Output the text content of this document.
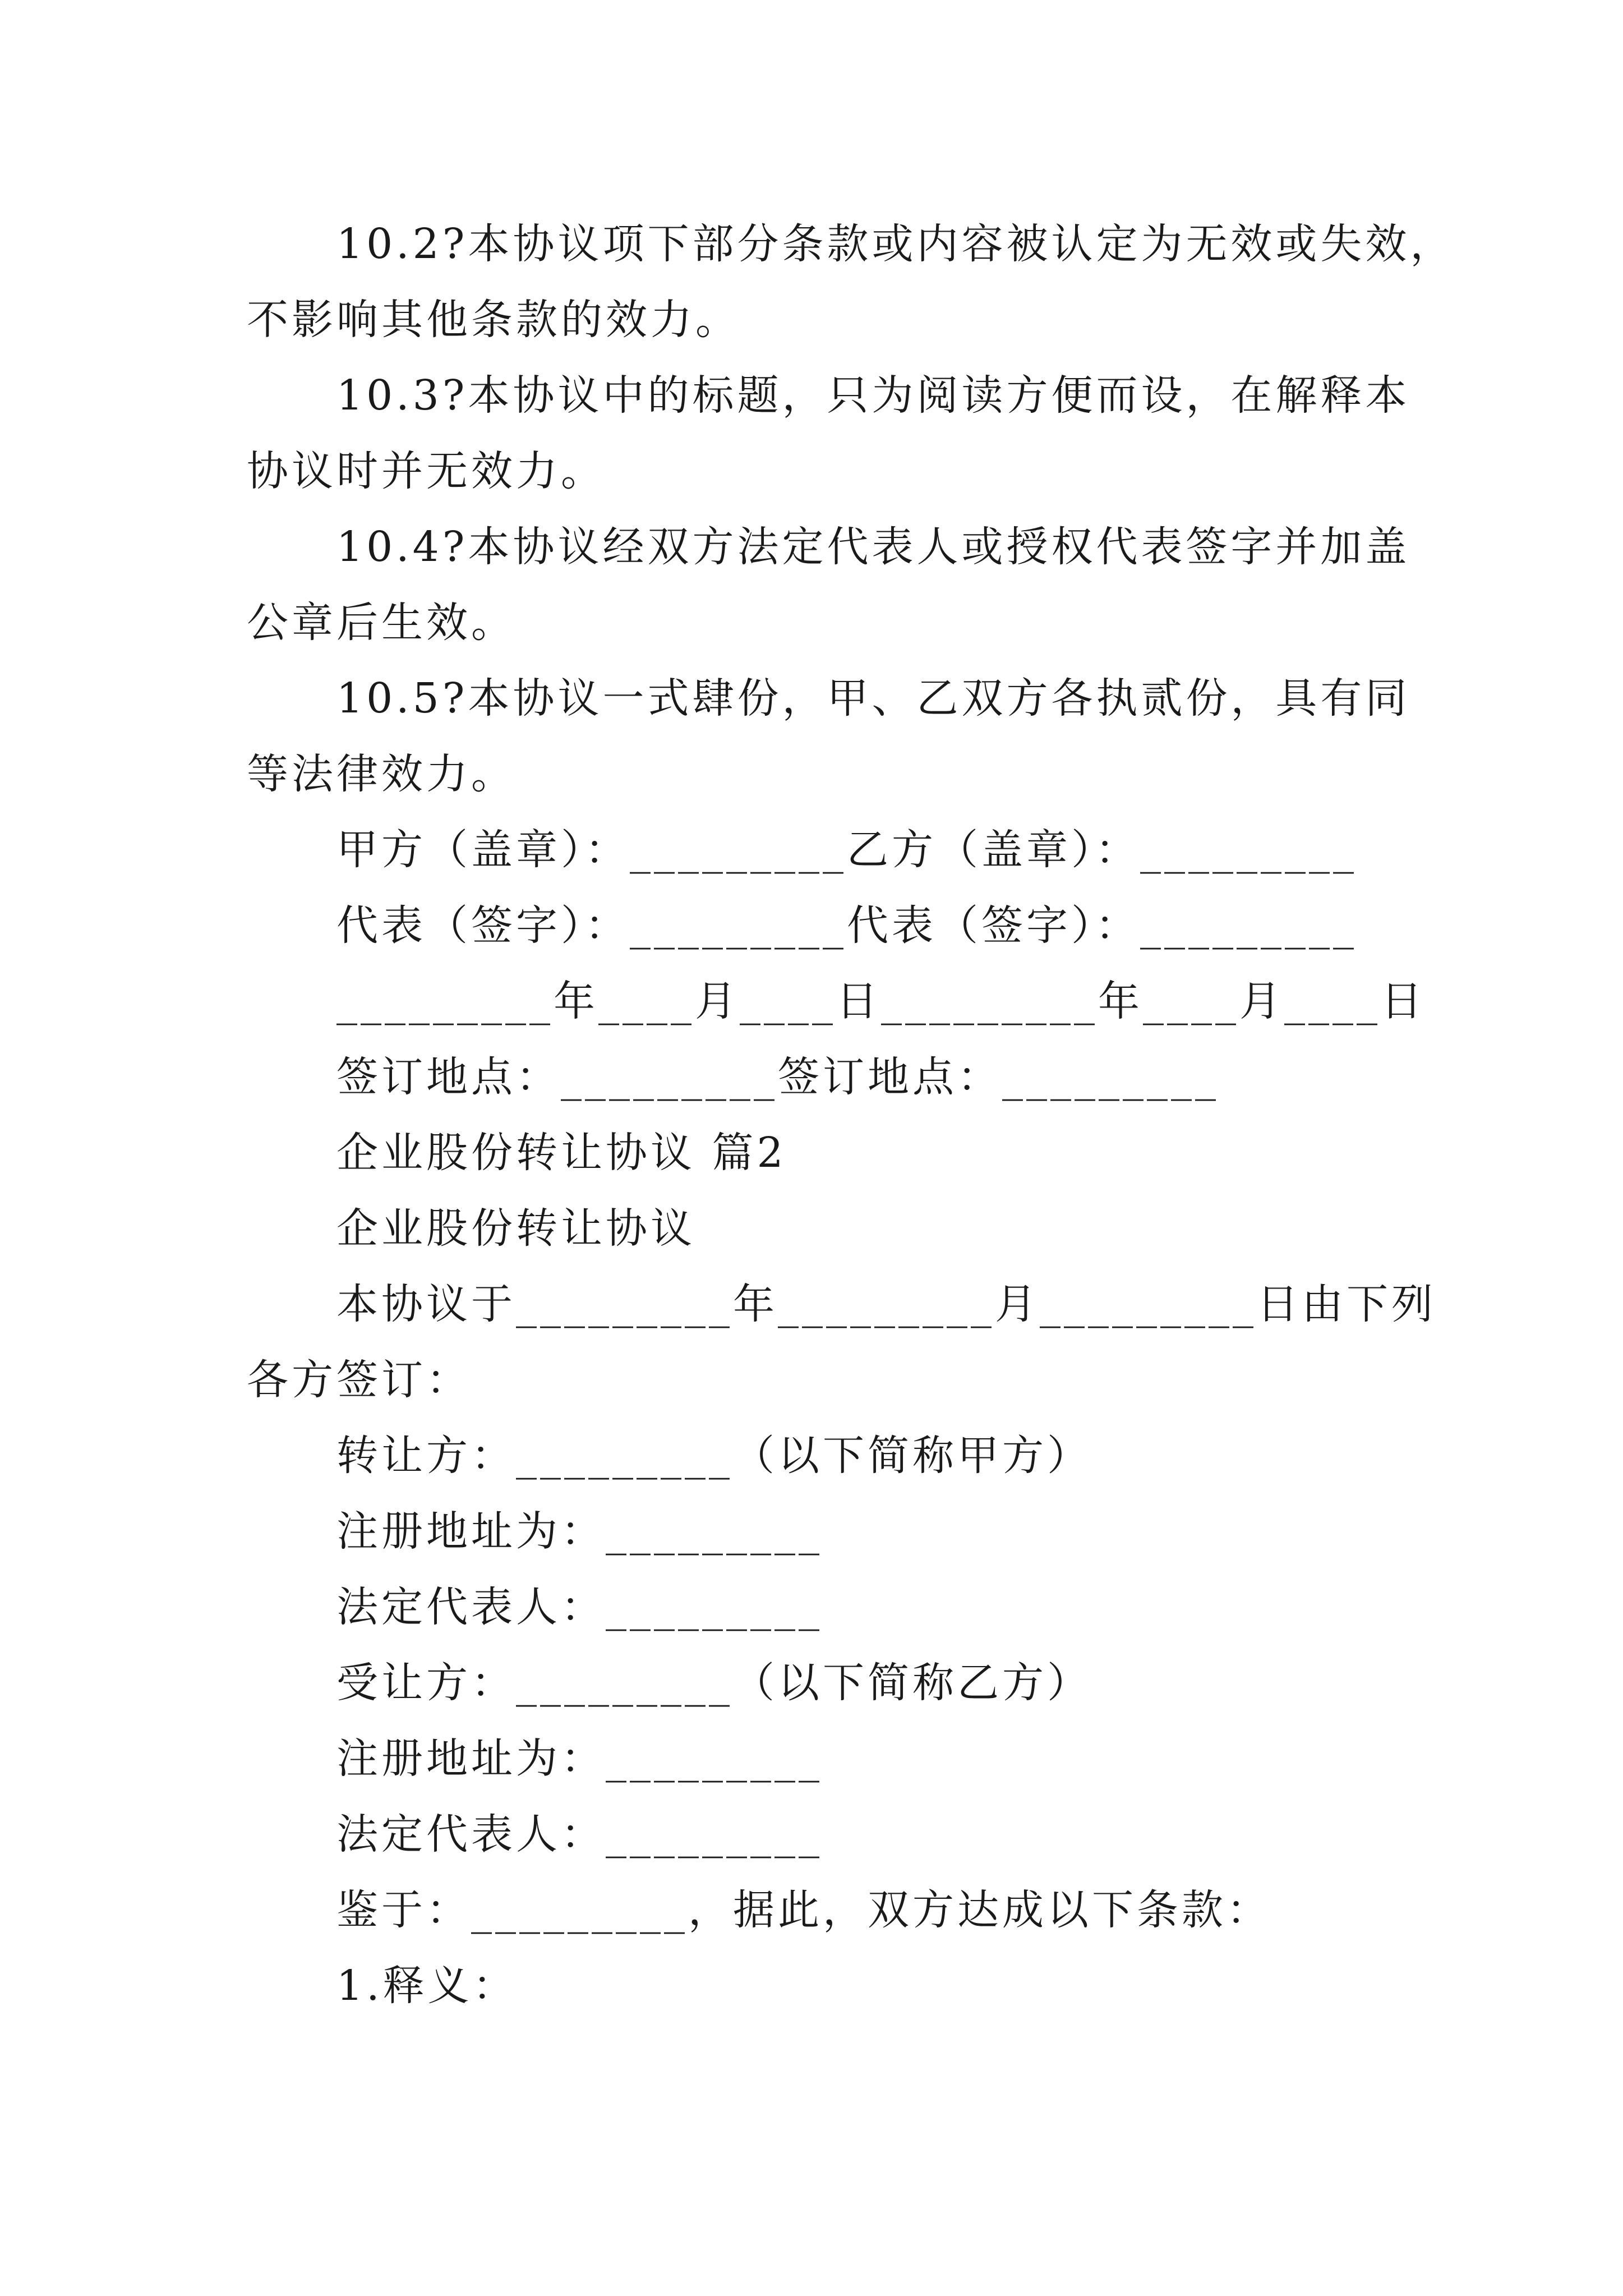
10.2?本协议项下部分条款或内容被认定为无效或失效，
不影响其他条款的效力。
10.3?本协议中的标题，只为阅读方便而设，在解释本
协议时并无效力。
10.4?本协议经双方法定代表人或授权代表签字并加盖
公章后生效。
10.5?本协议一式肆份，甲、乙双方各执贰份，具有同
等法律效力。
甲方（盖章）：_________乙方（盖章）：_________
代表（签字）：_________代表（签字）：_________
_________年____月____日_________年____月____日
签订地点：_________签订地点：_________
企业股份转让协议 篇2
企业股份转让协议
本协议于_________年_________月_________日由下列
各方签订：
转让方：_________（以下简称甲方）
注册地址为：_________
法定代表人：_________
受让方：_________（以下简称乙方）
注册地址为：_________
法定代表人：_________
鉴于：_________，据此，双方达成以下条款：
1.释义：
